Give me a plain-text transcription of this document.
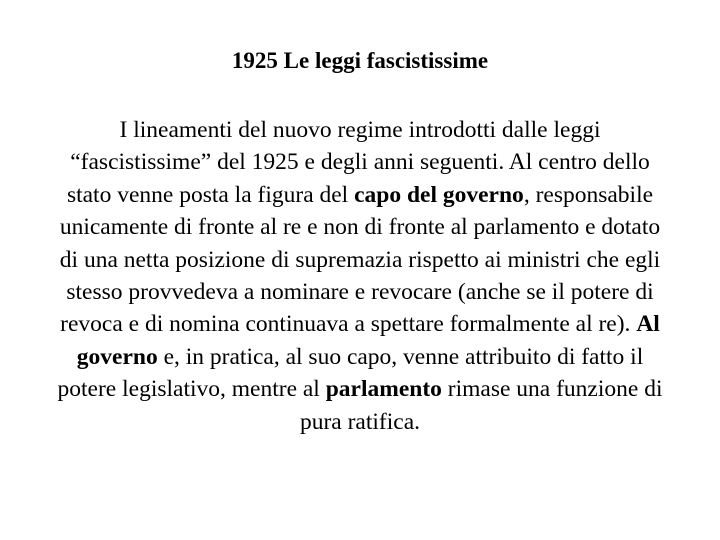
1925 Le leggi fascistissime

I lineamenti del nuovo regime introdotti dalle leggi “fascistissime” del 1925 e degli anni seguenti. Al centro dello stato venne posta la figura del capo del governo, responsabile unicamente di fronte al re e non di fronte al parlamento e dotato di una netta posizione di supremazia rispetto ai ministri che egli stesso provvedeva a nominare e revocare (anche se il potere di revoca e di nomina continuava a spettare formalmente al re). Al governo e, in pratica, al suo capo, venne attribuito di fatto il potere legislativo, mentre al parlamento rimase una funzione di pura ratifica.
